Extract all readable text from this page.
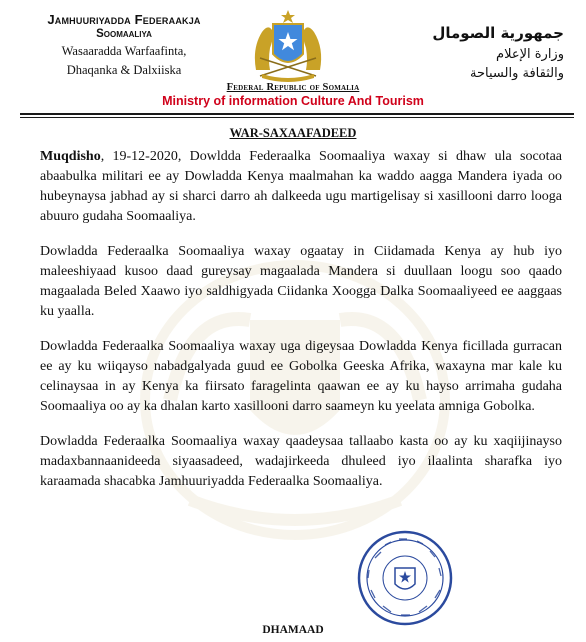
Jamhuuriyadda Federaakja
Soomaaliya
Wasaaradda Warfaafinta,
Dhaqanka & Dalxiiska
جمهورية الصومال
وزارة الإعلام
والثقافة والسياحة
Federal Republic of Somalia
Ministry of information Culture And Tourism
WAR-SAXAAFADEED

Muqdisho, 19-12-2020, Dowldda Federaalka Soomaaliya waxay si dhaw ula socotaa abaabulka militari ee ay Dowladda Kenya maalmahan ka waddo aagga Mandera iyada oo hubeynaysa jabhad ay si sharci darro ah dalkeeda ugu martigelisay si xasillooni darro looga abuuro gudaha Soomaaliya.

Dowladda Federaalka Soomaaliya waxay ogaatay in Ciidamada Kenya ay hub iyo maleeshiyaad kusoo daad gureysay magaalada Mandera si duullaan loogu soo qaado magaalada Beled Xaawo iyo saldhigyada Ciidanka Xoogga Dalka Soomaaliyeed ee aaggaas ku yaalla.

Dowladda Federaalka Soomaaliya waxay uga digeysaa Dowladda Kenya ficillada gurracan ee ay ku wiiqayso nabadgalyada guud ee Gobolka Geeska Afrika, waxayna mar kale ku celinaysaa in ay Kenya ka fiirsato faragelinta qaawan ee ay ku hayso arrimaha gudaha Soomaaliya oo ay ka dhalan karto xasillooni darro saameyn ku yeelata amniga Gobolka.

Dowladda Federaalka Soomaaliya waxay qaadeysaa tallaabo kasta oo ay ku xaqiijinayso madaxbannaanideeda siyaasadeed, wadajirkeeda dhuleed iyo ilaalinta sharafka iyo karaamada shacabka Jamhuuriyadda Federaalka Soomaaliya.

DHAMAAD
